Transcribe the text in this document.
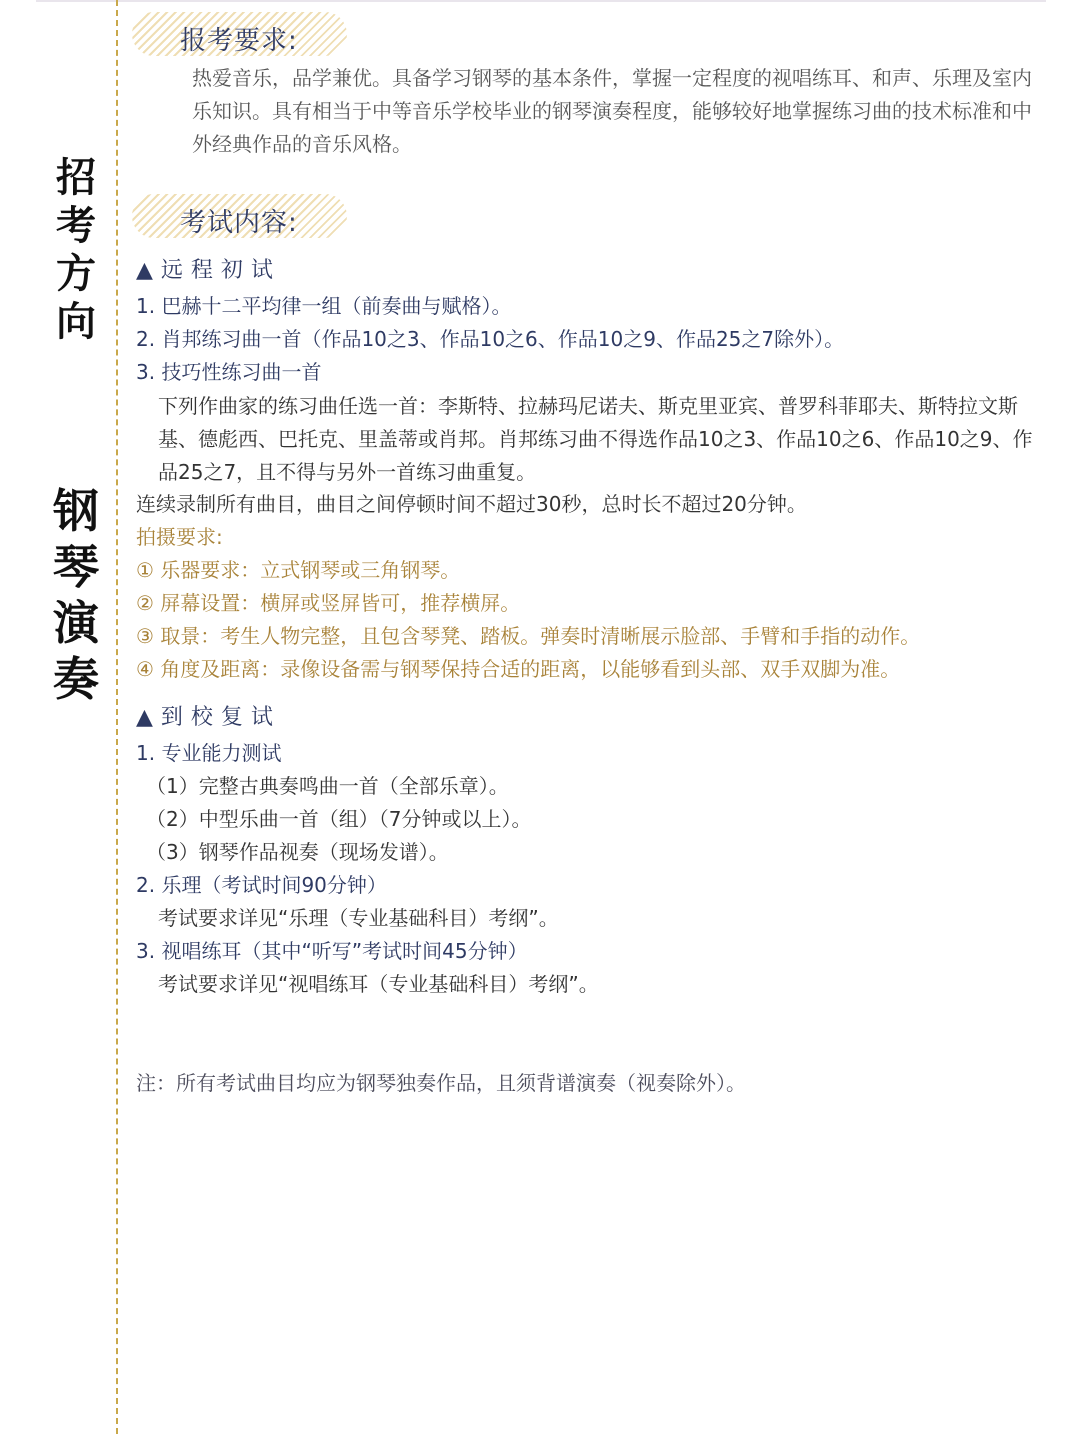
招
考
方
向
钢
琴
演
奏
报考要求:
热爱音乐，品学兼优。具备学习钢琴的基本条件，掌握一定程度的视唱练耳、和声、乐理及室内乐知识。具有相当于中等音乐学校毕业的钢琴演奏程度，能够较好地掌握练习曲的技术标准和中外经典作品的音乐风格。
考试内容:
▲ 远程初试
1. 巴赫十二平均律一组（前奏曲与赋格）。
2. 肖邦练习曲一首（作品10之3、作品10之6、作品10之9、作品25之7除外）。
3. 技巧性练习曲一首
下列作曲家的练习曲任选一首：李斯特、拉赫玛尼诺夫、斯克里亚宾、普罗科菲耶夫、斯特拉文斯基、德彪西、巴托克、里盖蒂或肖邦。肖邦练习曲不得选作品10之3、作品10之6、作品10之9、作品25之7，且不得与另外一首练习曲重复。
连续录制所有曲目，曲目之间停顿时间不超过30秒，总时长不超过20分钟。
拍摄要求:
① 乐器要求：立式钢琴或三角钢琴。
② 屏幕设置：横屏或竖屏皆可，推荐横屏。
③ 取景：考生人物完整，且包含琴凳、踏板。弹奏时清晰展示脸部、手臂和手指的动作。
④ 角度及距离：录像设备需与钢琴保持合适的距离，以能够看到头部、双手双脚为准。
▲ 到校复试
1. 专业能力测试
（1）完整古典奏鸣曲一首（全部乐章）。
（2）中型乐曲一首（组）（7分钟或以上）。
（3）钢琴作品视奏（现场发谱）。
2. 乐理（考试时间90分钟）
考试要求详见“乐理（专业基础科目）考纲”。
3. 视唱练耳（其中“听写”考试时间45分钟）
考试要求详见“视唱练耳（专业基础科目）考纲”。
注：所有考试曲目均应为钢琴独奏作品，且须背谱演奏（视奏除外）。
